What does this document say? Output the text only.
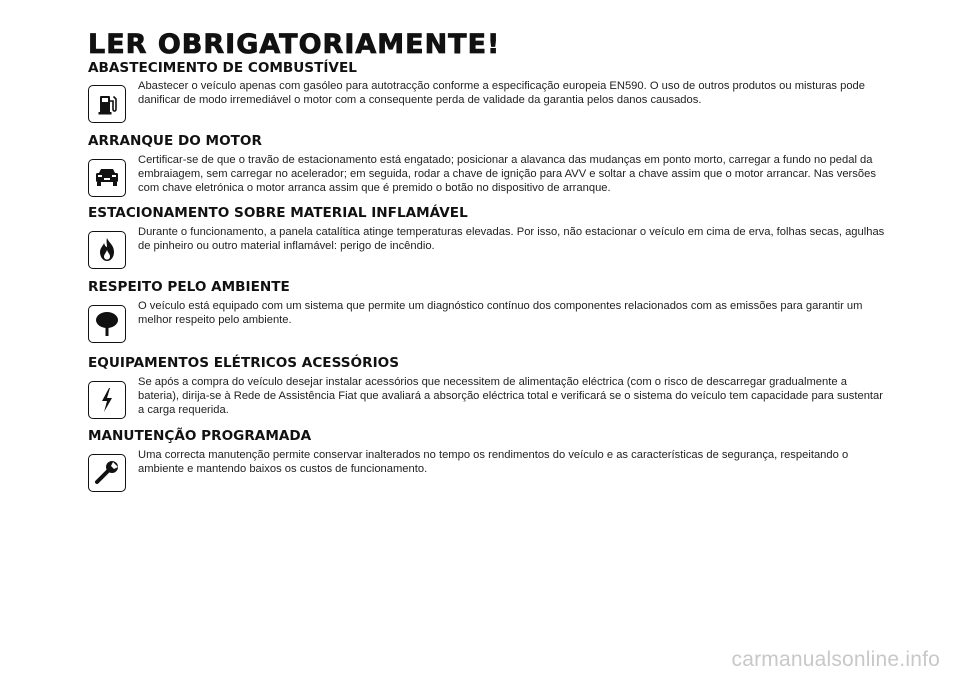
LER OBRIGATORIAMENTE!
ABASTECIMENTO DE COMBUSTÍVEL

Abastecer o veículo apenas com gasóleo para autotracção conforme a especificação europeia EN590. O uso de outros produtos ou misturas pode danificar de modo irremediável o motor com a consequente perda de validade da garantia pelos danos causados.

ARRANQUE DO MOTOR

Certificar-se de que o travão de estacionamento está engatado; posicionar a alavanca das mudanças em ponto morto, carregar a fundo no pedal da embraiagem, sem carregar no acelerador; em seguida, rodar a chave de ignição para AVV e soltar a chave assim que o motor arrancar. Nas versões com chave eletrónica o motor arranca assim que é premido o botão no dispositivo de arranque.

ESTACIONAMENTO SOBRE MATERIAL INFLAMÁVEL

Durante o funcionamento, a panela catalítica atinge temperaturas elevadas. Por isso, não estacionar o veículo em cima de erva, folhas secas, agulhas de pinheiro ou outro material inflamável: perigo de incêndio.

RESPEITO PELO AMBIENTE

O veículo está equipado com um sistema que permite um diagnóstico contínuo dos componentes relacionados com as emissões para garantir um melhor respeito pelo ambiente.

EQUIPAMENTOS ELÉTRICOS ACESSÓRIOS

Se após a compra do veículo desejar instalar acessórios que necessitem de alimentação eléctrica (com o risco de descarregar gradualmente a bateria), dirija-se à Rede de Assistência Fiat que avaliará a absorção eléctrica total e verificará se o sistema do veículo tem capacidade para sustentar a carga requerida.

MANUTENÇÃO PROGRAMADA

Uma correcta manutenção permite conservar inalterados no tempo os rendimentos do veículo e as características de segurança, respeitando o ambiente e mantendo baixos os custos de funcionamento.

carmanualsonline.info
